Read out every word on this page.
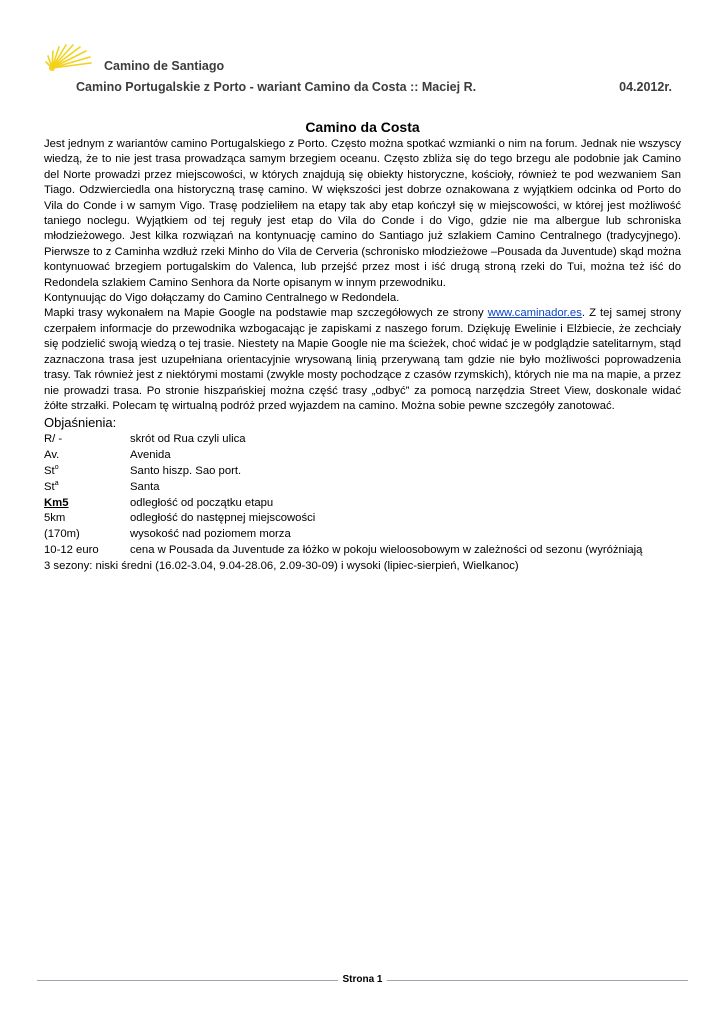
Camino de Santiago
Camino Portugalskie z Porto - wariant Camino da Costa :: Maciej R.	04.2012r.
Camino da Costa

Jest jednym z wariantów camino Portugalskiego z Porto. Często można spotkać wzmianki o nim na forum. Jednak nie wszyscy wiedzą, że to nie jest trasa prowadząca samym brzegiem oceanu. Często zbliża się do tego brzegu ale podobnie jak Camino del Norte prowadzi przez miejscowości, w których znajdują się obiekty historyczne, kościoły, również te pod wezwaniem San Tiago. Odzwierciedla ona historyczną trasę camino. W większości jest dobrze oznakowana z wyjątkiem odcinka od Porto do Vila do Conde i w samym Vigo. Trasę podzieliłem na etapy tak aby etap kończył się w miejscowości, w której jest możliwość taniego noclegu. Wyjątkiem od tej reguły jest etap do Vila do Conde i do Vigo, gdzie nie ma albergue lub schroniska młodzieżowego. Jest kilka rozwiązań na kontynuację camino do Santiago już szlakiem Camino Centralnego (tradycyjnego). Pierwsze to z Caminha wzdłuż rzeki Minho do Vila de Cerveria (schronisko młodzieżowe –Pousada da Juventude) skąd można kontynuować brzegiem portugalskim do Valenca, lub przejść przez most i iść drugą stroną rzeki do Tui, można też iść do Redondela szlakiem Camino Senhora da Norte opisanym w innym przewodniku.

Kontynuując do Vigo dołączamy do Camino Centralnego w Redondela.

Mapki trasy wykonałem na Mapie Google na podstawie map szczegółowych ze strony www.caminador.es. Z tej samej strony czerpałem informacje do przewodnika wzbogacając je zapiskami z naszego forum. Dziękuję Ewelinie i Elżbiecie, że zechciały się podzielić swoją wiedzą o tej trasie. Niestety na Mapie Google nie ma ścieżek, choć widać je w podglądzie satelitarnym, stąd zaznaczona trasa jest uzupełniana orientacyjnie wrysowaną linią przerywaną tam gdzie nie było możliwości poprowadzenia trasy. Tak również jest z niektórymi mostami (zwykle mosty pochodzące z czasów rzymskich), których nie ma na mapie, a przez nie prowadzi trasa. Po stronie hiszpańskiej można część trasy „odbyć” za pomocą narzędzia Street View, doskonale widać żółte strzałki. Polecam tę wirtualną podróż przed wyjazdem na camino. Można sobie pewne szczegóły zanotować.

Objaśnienia:
R/ -	skrót od Rua czyli ulica
Av.	Avenida
St$^o$	Santo hiszp. Sao port.
St$^a$	Santa
Km5	odległość od początku etapu
5km	odległość do następnej miejscowości
(170m)	wysokość nad poziomem morza
10-12 euro	cena w Pousada da Juventude za łóżko w pokoju wieloosobowym w zależności od sezonu (wyróżniają
3 sezony: niski średni (16.02-3.04, 9.04-28.06, 2.09-30-09) i wysoki (lipiec-sierpień, Wielkanoc)
Strona 1
